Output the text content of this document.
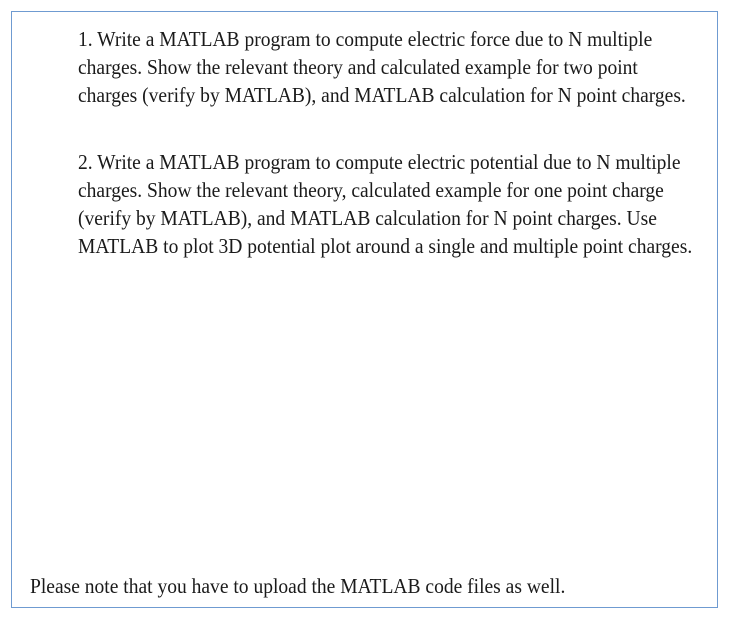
1. Write a MATLAB program to compute electric force due to N multiple
charges. Show the relevant theory and calculated example for two point
charges (verify by MATLAB), and MATLAB calculation for N point charges.

2. Write a MATLAB program to compute electric potential due to N multiple
charges. Show the relevant theory, calculated example for one point charge
(verify by MATLAB), and MATLAB calculation for N point charges. Use
MATLAB to plot 3D potential plot around a single and multiple point charges.

Please note that you have to upload the MATLAB code files as well.
